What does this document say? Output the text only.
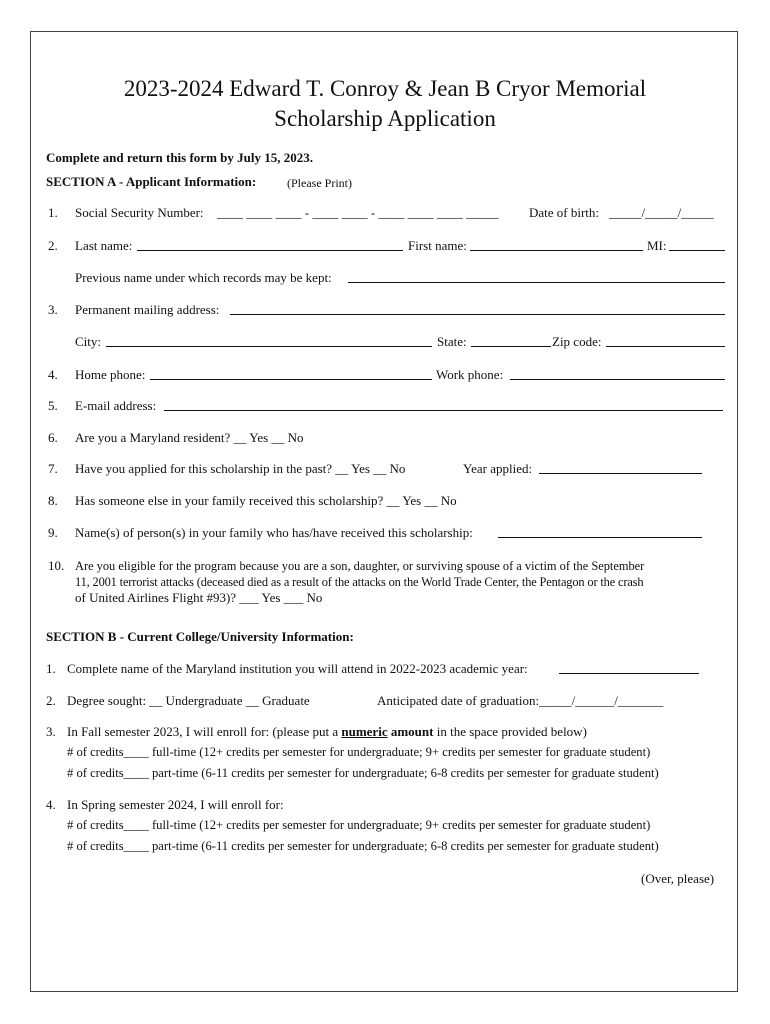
2023-2024 Edward T. Conroy & Jean B Cryor Memorial
Scholarship Application
Complete and return this form by July 15, 2023.
SECTION A - Applicant Information:	(Please Print)
1. Social Security Number: ____ ____ ____ - ____ ____ - ____ ____ ____ _____ Date of birth: _____/_____/_____
2. Last name:	First name:	MI:
Previous name under which records may be kept:
3. Permanent mailing address:
City:	State:	Zip code:
4. Home phone:	Work phone:
5. E-mail address:
6. Are you a Maryland resident? __ Yes __ No
7. Have you applied for this scholarship in the past? __ Yes __ No	Year applied:
8. Has someone else in your family received this scholarship? __ Yes __ No
9. Name(s) of person(s) in your family who has/have received this scholarship:
10. Are you eligible for the program because you are a son, daughter, or surviving spouse of a victim of the September
11, 2001 terrorist attacks (deceased died as a result of the attacks on the World Trade Center, the Pentagon or the crash
of United Airlines Flight #93)? ___ Yes ___ No
SECTION B - Current College/University Information:
1. Complete name of the Maryland institution you will attend in 2022-2023 academic year:
2. Degree sought: __ Undergraduate __ Graduate	Anticipated date of graduation:_____/______/_______
3. In Fall semester 2023, I will enroll for: (please put a numeric amount in the space provided below)
# of credits____ full-time (12+ credits per semester for undergraduate; 9+ credits per semester for graduate student)
# of credits____ part-time (6-11 credits per semester for undergraduate; 6-8 credits per semester for graduate student)
4. In Spring semester 2024, I will enroll for:
# of credits____ full-time (12+ credits per semester for undergraduate; 9+ credits per semester for graduate student)
# of credits____ part-time (6-11 credits per semester for undergraduate; 6-8 credits per semester for graduate student)
(Over, please)
